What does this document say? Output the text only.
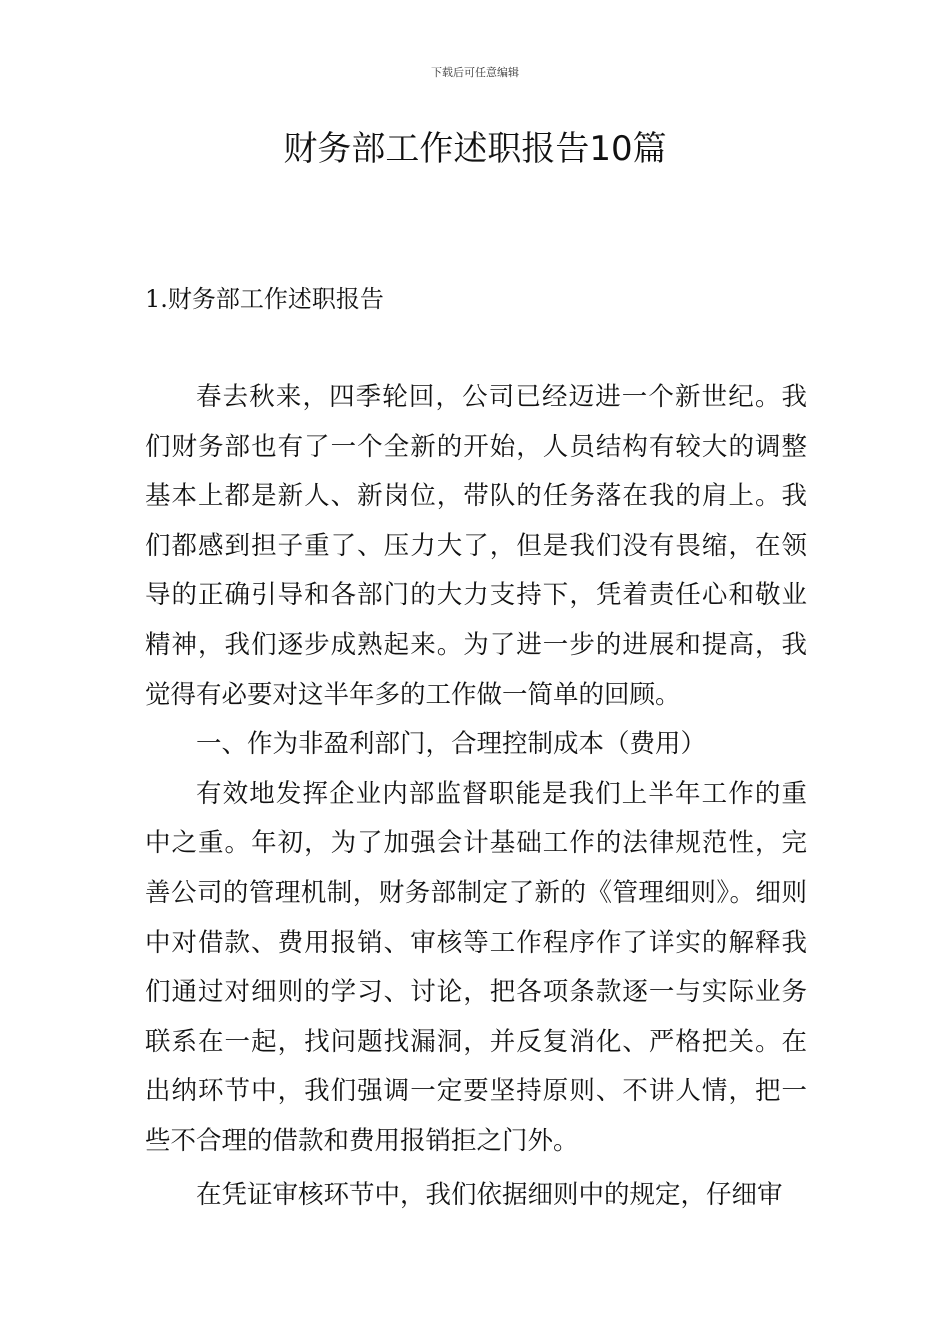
下载后可任意编辑
财务部工作述职报告10篇
1.财务部工作述职报告

春去秋来，四季轮回，公司已经迈进一个新世纪。我们财务部也有了一个全新的开始，人员结构有较大的调整基本上都是新人、新岗位，带队的任务落在我的肩上。我们都感到担子重了、压力大了，但是我们没有畏缩，在领导的正确引导和各部门的大力支持下，凭着责任心和敬业精神，我们逐步成熟起来。为了进一步的进展和提高，我觉得有必要对这半年多的工作做一简单的回顾。

一、作为非盈利部门，合理控制成本（费用）

有效地发挥企业内部监督职能是我们上半年工作的重中之重。年初，为了加强会计基础工作的法律规范性，完善公司的管理机制，财务部制定了新的《管理细则》。细则中对借款、费用报销、审核等工作程序作了详实的解释我们通过对细则的学习、讨论，把各项条款逐一与实际业务联系在一起，找问题找漏洞，并反复消化、严格把关。在出纳环节中，我们强调一定要坚持原则、不讲人情，把一些不合理的借款和费用报销拒之门外。

在凭证审核环节中，我们依据细则中的规定，仔细审
